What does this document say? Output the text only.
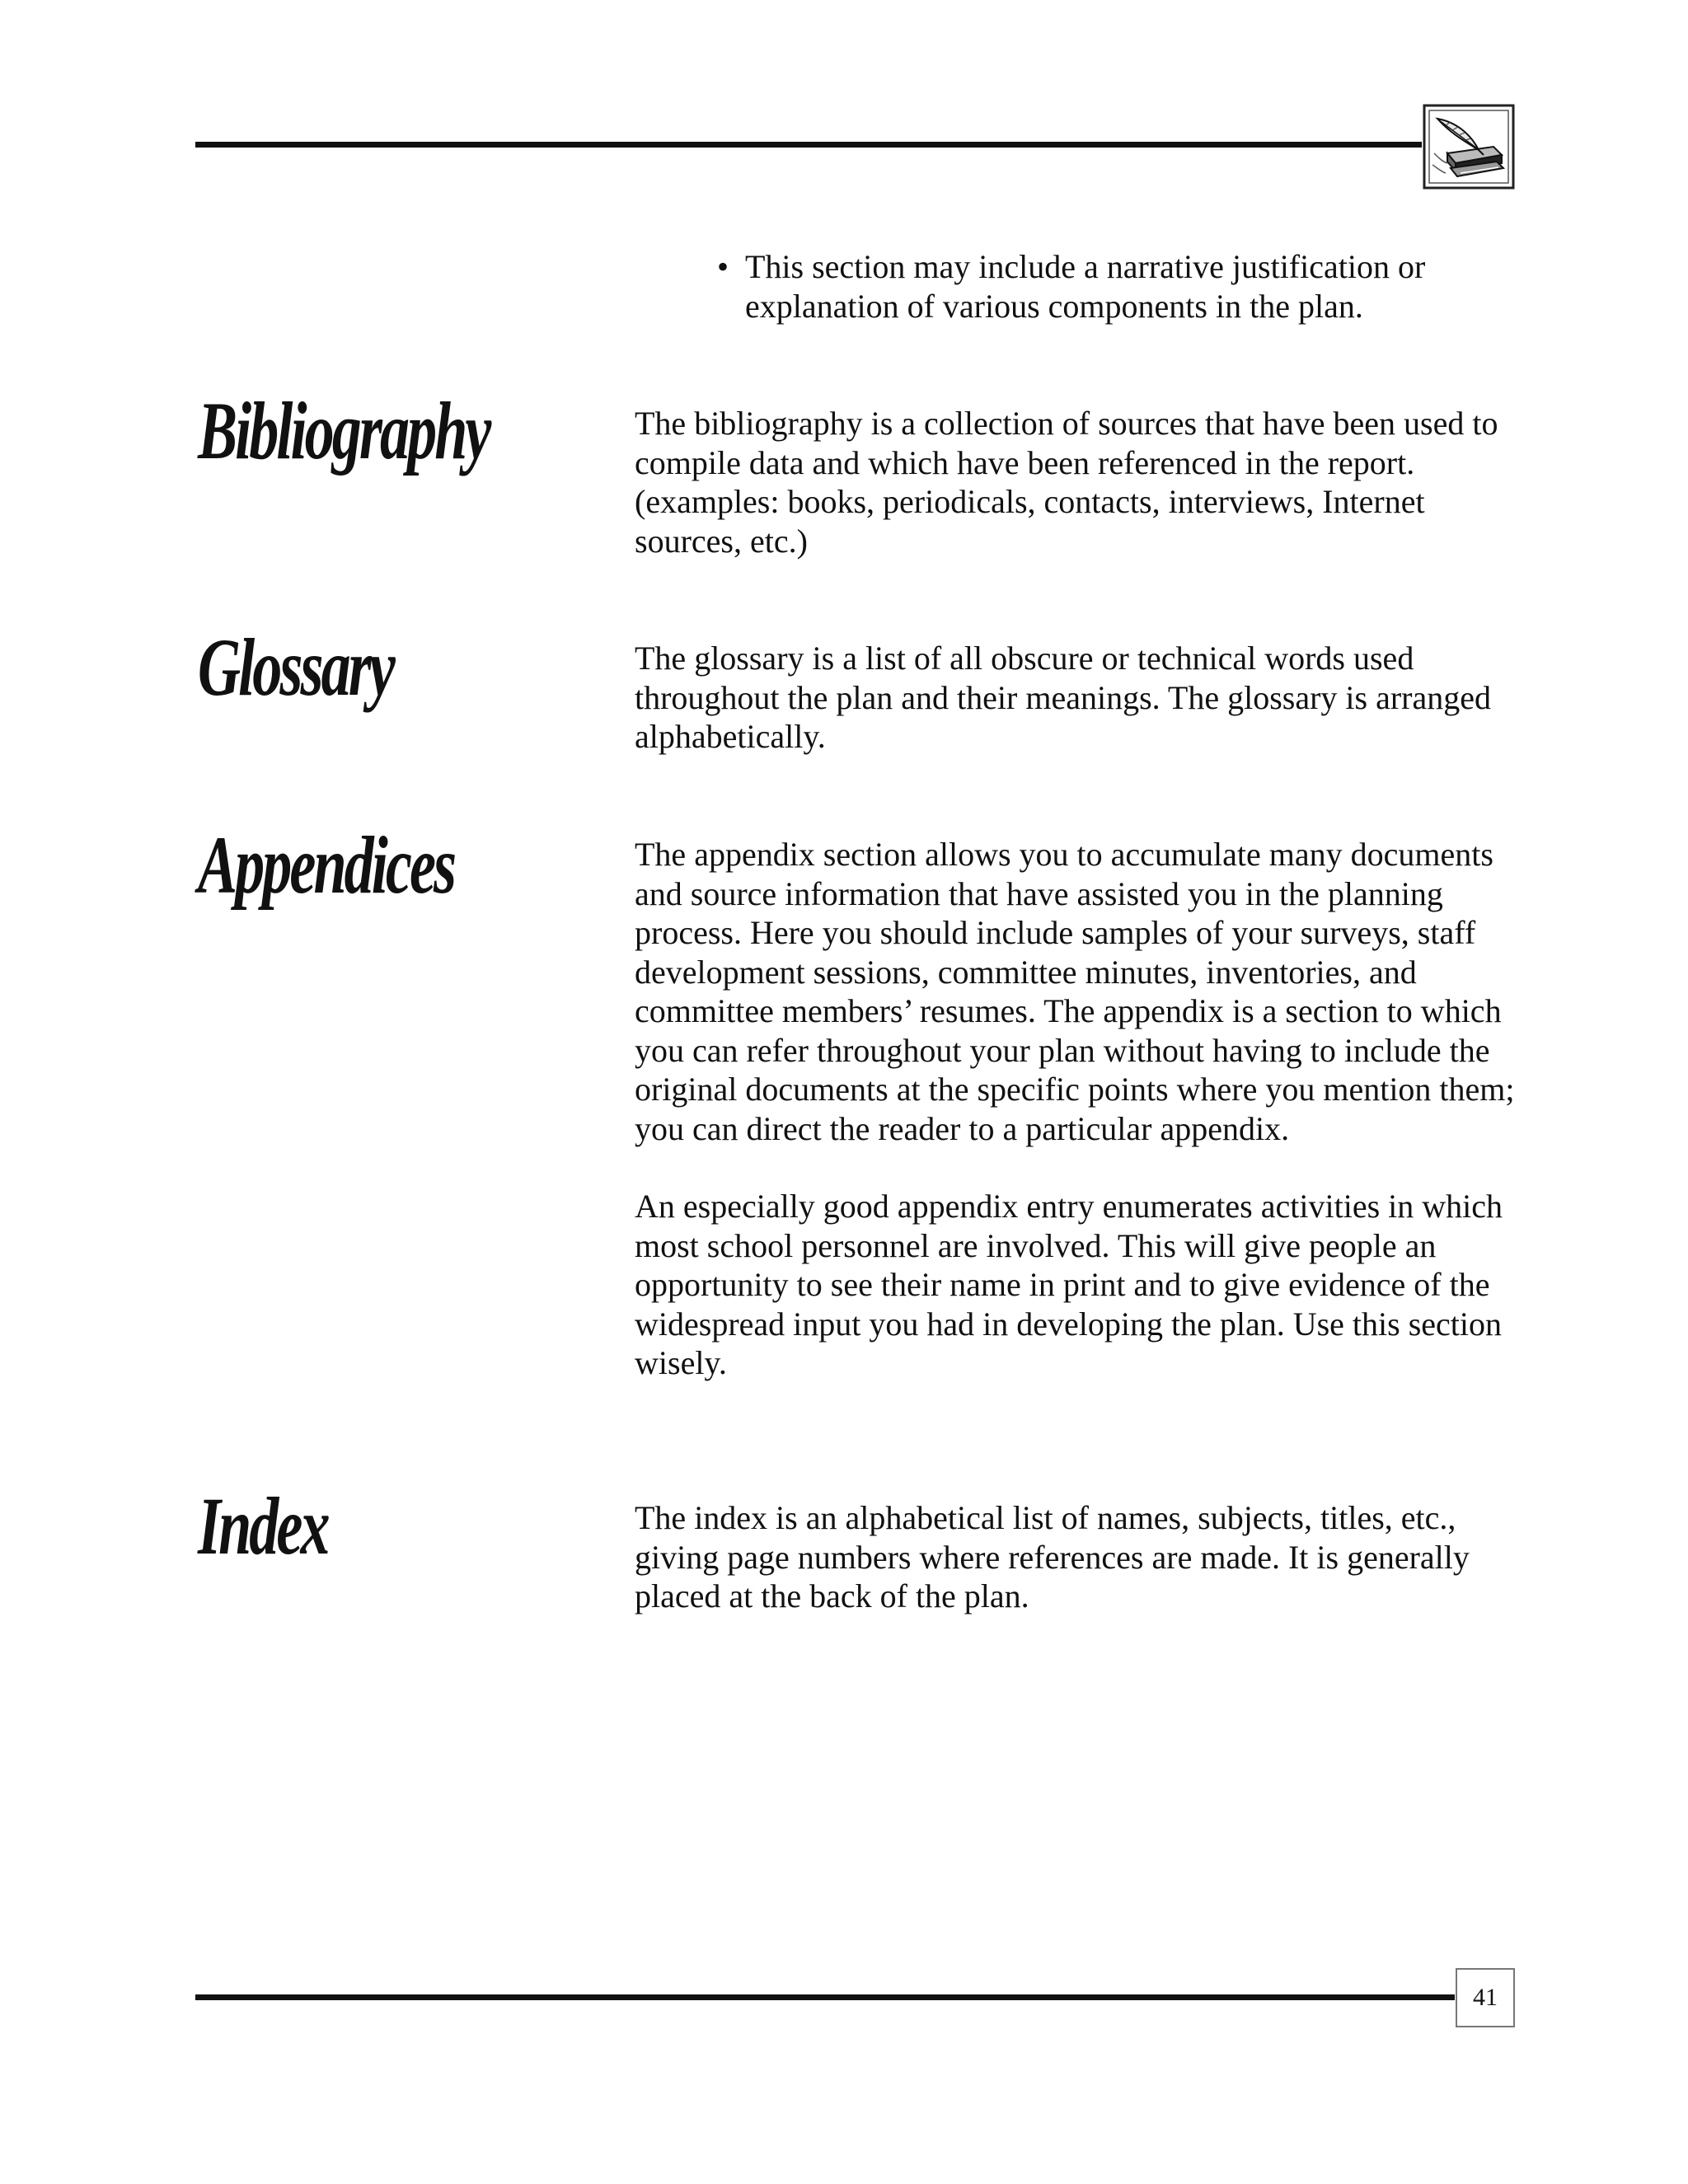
• This section may include a narrative justification or explanation of various components in the plan.
Bibliography	The bibliography is a collection of sources that have been used to compile data and which have been referenced in the report. (examples: books, periodicals, contacts, interviews, Internet sources, etc.)

Glossary	The glossary is a list of all obscure or technical words used throughout the plan and their meanings. The glossary is arranged alphabetically.

Appendices	The appendix section allows you to accumulate many documents and source information that have assisted you in the planning process. Here you should include samples of your surveys, staff development sessions, committee minutes, inventories, and committee members’ resumes. The appendix is a section to which you can refer throughout your plan without having to include the original documents at the specific points where you mention them; you can direct the reader to a particular appendix.

An especially good appendix entry enumerates activities in which most school personnel are involved. This will give people an opportunity to see their name in print and to give evidence of the widespread input you had in developing the plan. Use this section wisely.

Index	The index is an alphabetical list of names, subjects, titles, etc., giving page numbers where references are made. It is generally placed at the back of the plan.

41
